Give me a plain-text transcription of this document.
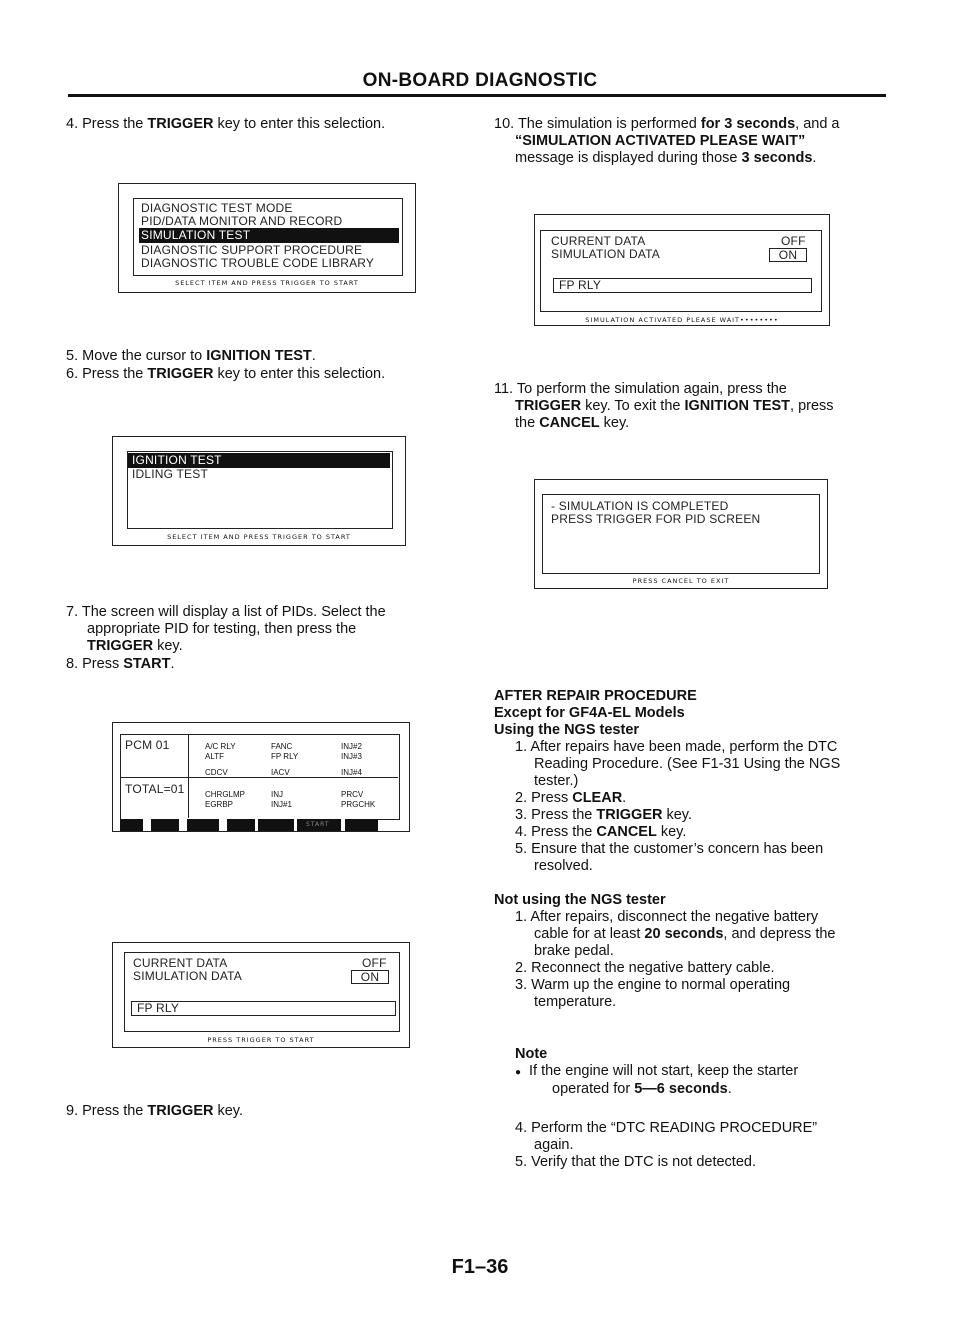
ON-BOARD DIAGNOSTIC
4. Press the TRIGGER key to enter this selection.
DIAGNOSTIC TEST MODE
PID/DATA MONITOR AND RECORD
SIMULATION TEST
DIAGNOSTIC SUPPORT PROCEDURE
DIAGNOSTIC TROUBLE CODE LIBRARY
SELECT ITEM AND PRESS TRIGGER TO START
5. Move the cursor to IGNITION TEST.
6. Press the TRIGGER key to enter this selection.
IGNITION TEST
IDLING TEST
SELECT ITEM AND PRESS TRIGGER TO START
7. The screen will display a list of PIDs. Select the
appropriate PID for testing, then press the
TRIGGER key.
8. Press START.
PCM 01
TOTAL=01
A/C RLY
ALTF
CDCV
CHRGLMP
EGRBP
FANC
FP RLY
IACV
INJ
INJ#1
INJ#2
INJ#3
INJ#4
PRCV
PRGCHK
START
CURRENT DATA
SIMULATION DATA
OFF
ON
FP RLY
PRESS TRIGGER TO START
9. Press the TRIGGER key.
10. The simulation is performed for 3 seconds, and a
“SIMULATION ACTIVATED PLEASE WAIT”
message is displayed during those 3 seconds.
CURRENT DATA
SIMULATION DATA
OFF
ON
FP RLY
SIMULATION ACTIVATED PLEASE WAIT••••••••
11. To perform the simulation again, press the
TRIGGER key. To exit the IGNITION TEST, press
the CANCEL key.
- SIMULATION IS COMPLETED
PRESS TRIGGER FOR PID SCREEN
PRESS CANCEL TO EXIT
AFTER REPAIR PROCEDURE
Except for GF4A-EL Models
Using the NGS tester
1. After repairs have been made, perform the DTC
Reading Procedure. (See F1-31 Using the NGS
tester.)
2. Press CLEAR.
3. Press the TRIGGER key.
4. Press the CANCEL key.
5. Ensure that the customer’s concern has been
resolved.
Not using the NGS tester
1. After repairs, disconnect the negative battery
cable for at least 20 seconds, and depress the
brake pedal.
2. Reconnect the negative battery cable.
3. Warm up the engine to normal operating
temperature.
Note
● If the engine will not start, keep the starter
operated for 5—6 seconds.
4. Perform the “DTC READING PROCEDURE”
again.
5. Verify that the DTC is not detected.
F1–36
